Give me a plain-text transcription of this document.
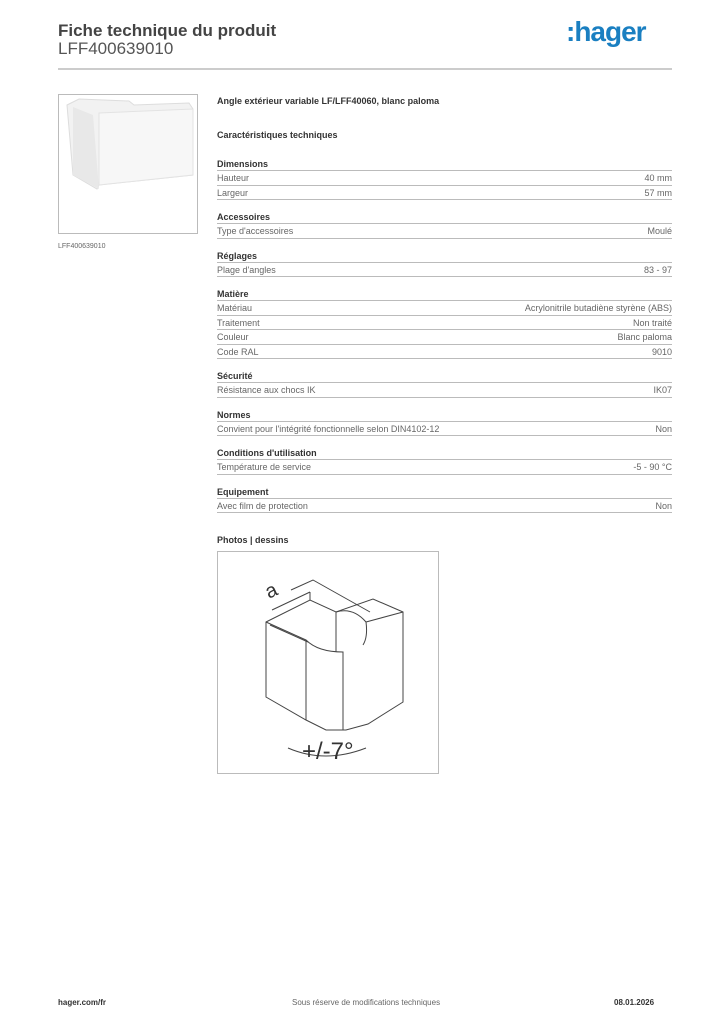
Fiche technique du produit
LFF400639010
:hager
LFF400639010
Angle extérieur variable LF/LFF40060, blanc paloma
Caractéristiques techniques
Dimensions
Hauteur	40 mm
Largeur	57 mm
Accessoires
Type d'accessoires	Moulé
Réglages
Plage d'angles	83 - 97
Matière
Matériau	Acrylonitrile butadiène styrène (ABS)
Traitement	Non traité
Couleur	Blanc paloma
Code RAL	9010
Sécurité
Résistance aux chocs IK	IK07
Normes
Convient pour l'intégrité fonctionnelle selon DIN4102-12	Non
Conditions d'utilisation
Température de service	-5 - 90 °C
Equipement
Avec film de protection	Non
Photos | dessins
a
+/-7°
hager.com/fr	Sous réserve de modifications techniques	08.01.2026
